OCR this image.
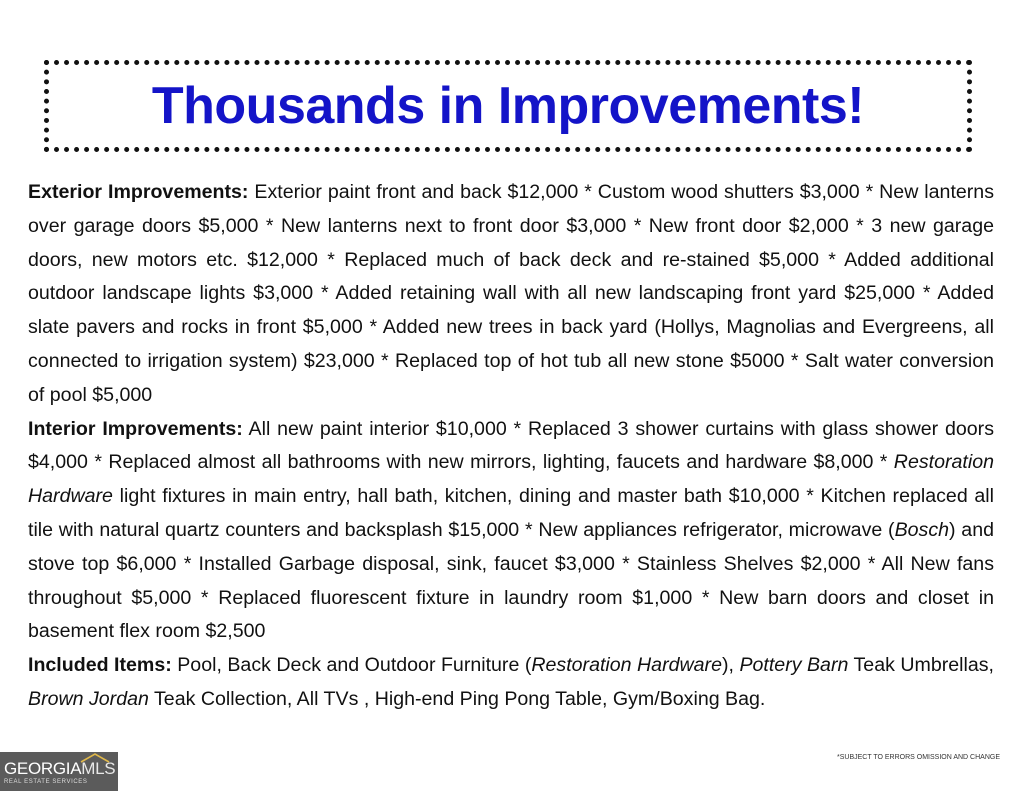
Thousands in Improvements!

Exterior Improvements: Exterior paint front and back $12,000 * Custom wood shutters $3,000 * New lanterns over garage doors $5,000 * New lanterns next to front door $3,000 * New front door $2,000 * 3 new garage doors, new motors etc. $12,000 * Replaced much of back deck and re-stained $5,000 * Added additional outdoor landscape lights $3,000 * Added retaining wall with all new landscaping front yard $25,000 * Added slate pavers and rocks in front $5,000 * Added new trees in back yard (Hollys, Magnolias and Evergreens, all connected to irrigation system) $23,000 * Replaced top of hot tub all new stone $5000 * Salt water conversion of pool $5,000

Interior Improvements: All new paint interior $10,000 * Replaced 3 shower curtains with glass shower doors $4,000 * Replaced almost all bathrooms with new mirrors, lighting, faucets and hardware $8,000 * Restoration Hardware light fixtures in main entry, hall bath, kitchen, dining and master bath $10,000 * Kitchen replaced all tile with natural quartz counters and backsplash $15,000 * New appliances refrigerator, microwave (Bosch) and stove top $6,000 * Installed Garbage disposal, sink, faucet $3,000 * Stainless Shelves $2,000 * All New fans throughout $5,000 * Replaced fluorescent fixture in laundry room $1,000 * New barn doors and closet in basement flex room $2,500

Included Items: Pool, Back Deck and Outdoor Furniture (Restoration Hardware), Pottery Barn Teak Umbrellas, Brown Jordan Teak Collection, All TVs , High-end Ping Pong Table, Gym/Boxing Bag.

*SUBJECT TO ERRORS OMISSION AND CHANGE
GEORGIAMLS
REAL ESTATE SERVICES
